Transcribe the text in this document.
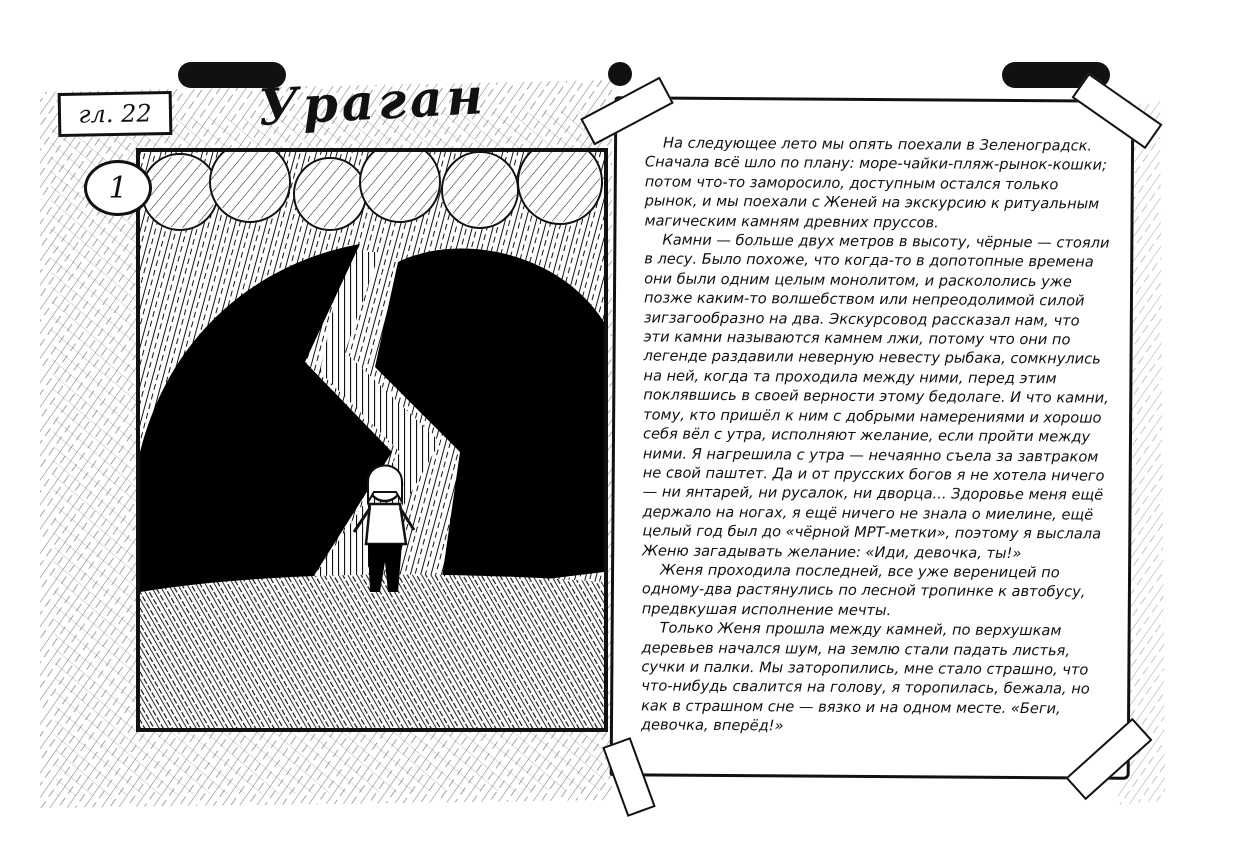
гл. 22 Ураган
1

На следующее лето мы опять поехали в Зеленоградск. Сначала всё шло по плану: море-чайки-пляж-рынок-кошки; потом что-то заморосило, доступным остался только рынок, и мы поехали с Женей на экскурсию к ритуальным магическим камням древних пруссов.

Камни — больше двух метров в высоту, чёрные — стояли в лесу. Было похоже, что когда-то в допотопные времена они были одним целым монолитом, и раскололись уже позже каким-то волшебством или непреодолимой силой зигзагообразно на два. Экскурсовод рассказал нам, что эти камни называются камнем лжи, потому что они по легенде раздавили неверную невесту рыбака, сомкнулись на ней, когда та проходила между ними, перед этим поклявшись в своей верности этому бедолаге. И что камни, тому, кто пришёл к ним с добрыми намерениями и хорошо себя вёл с утра, исполняют желание, если пройти между ними. Я нагрешила с утра — нечаянно съела за завтраком не свой паштет. Да и от прусских богов я не хотела ничего — ни янтарей, ни русалок, ни дворца... Здоровье меня ещё держало на ногах, я ещё ничего не знала о миелине, ещё целый год был до «чёрной МРТ-метки», поэтому я выслала Женю загадывать желание: «Иди, девочка, ты!»

Женя проходила последней, все уже вереницей по одному-два растянулись по лесной тропинке к автобусу, предвкушая исполнение мечты.

Только Женя прошла между камней, по верхушкам деревьев начался шум, на землю стали падать листья, сучки и палки. Мы заторопились, мне стало страшно, что что-нибудь свалится на голову, я торопилась, бежала, но как в страшном сне — вязко и на одном месте. «Беги, девочка, вперёд!»
